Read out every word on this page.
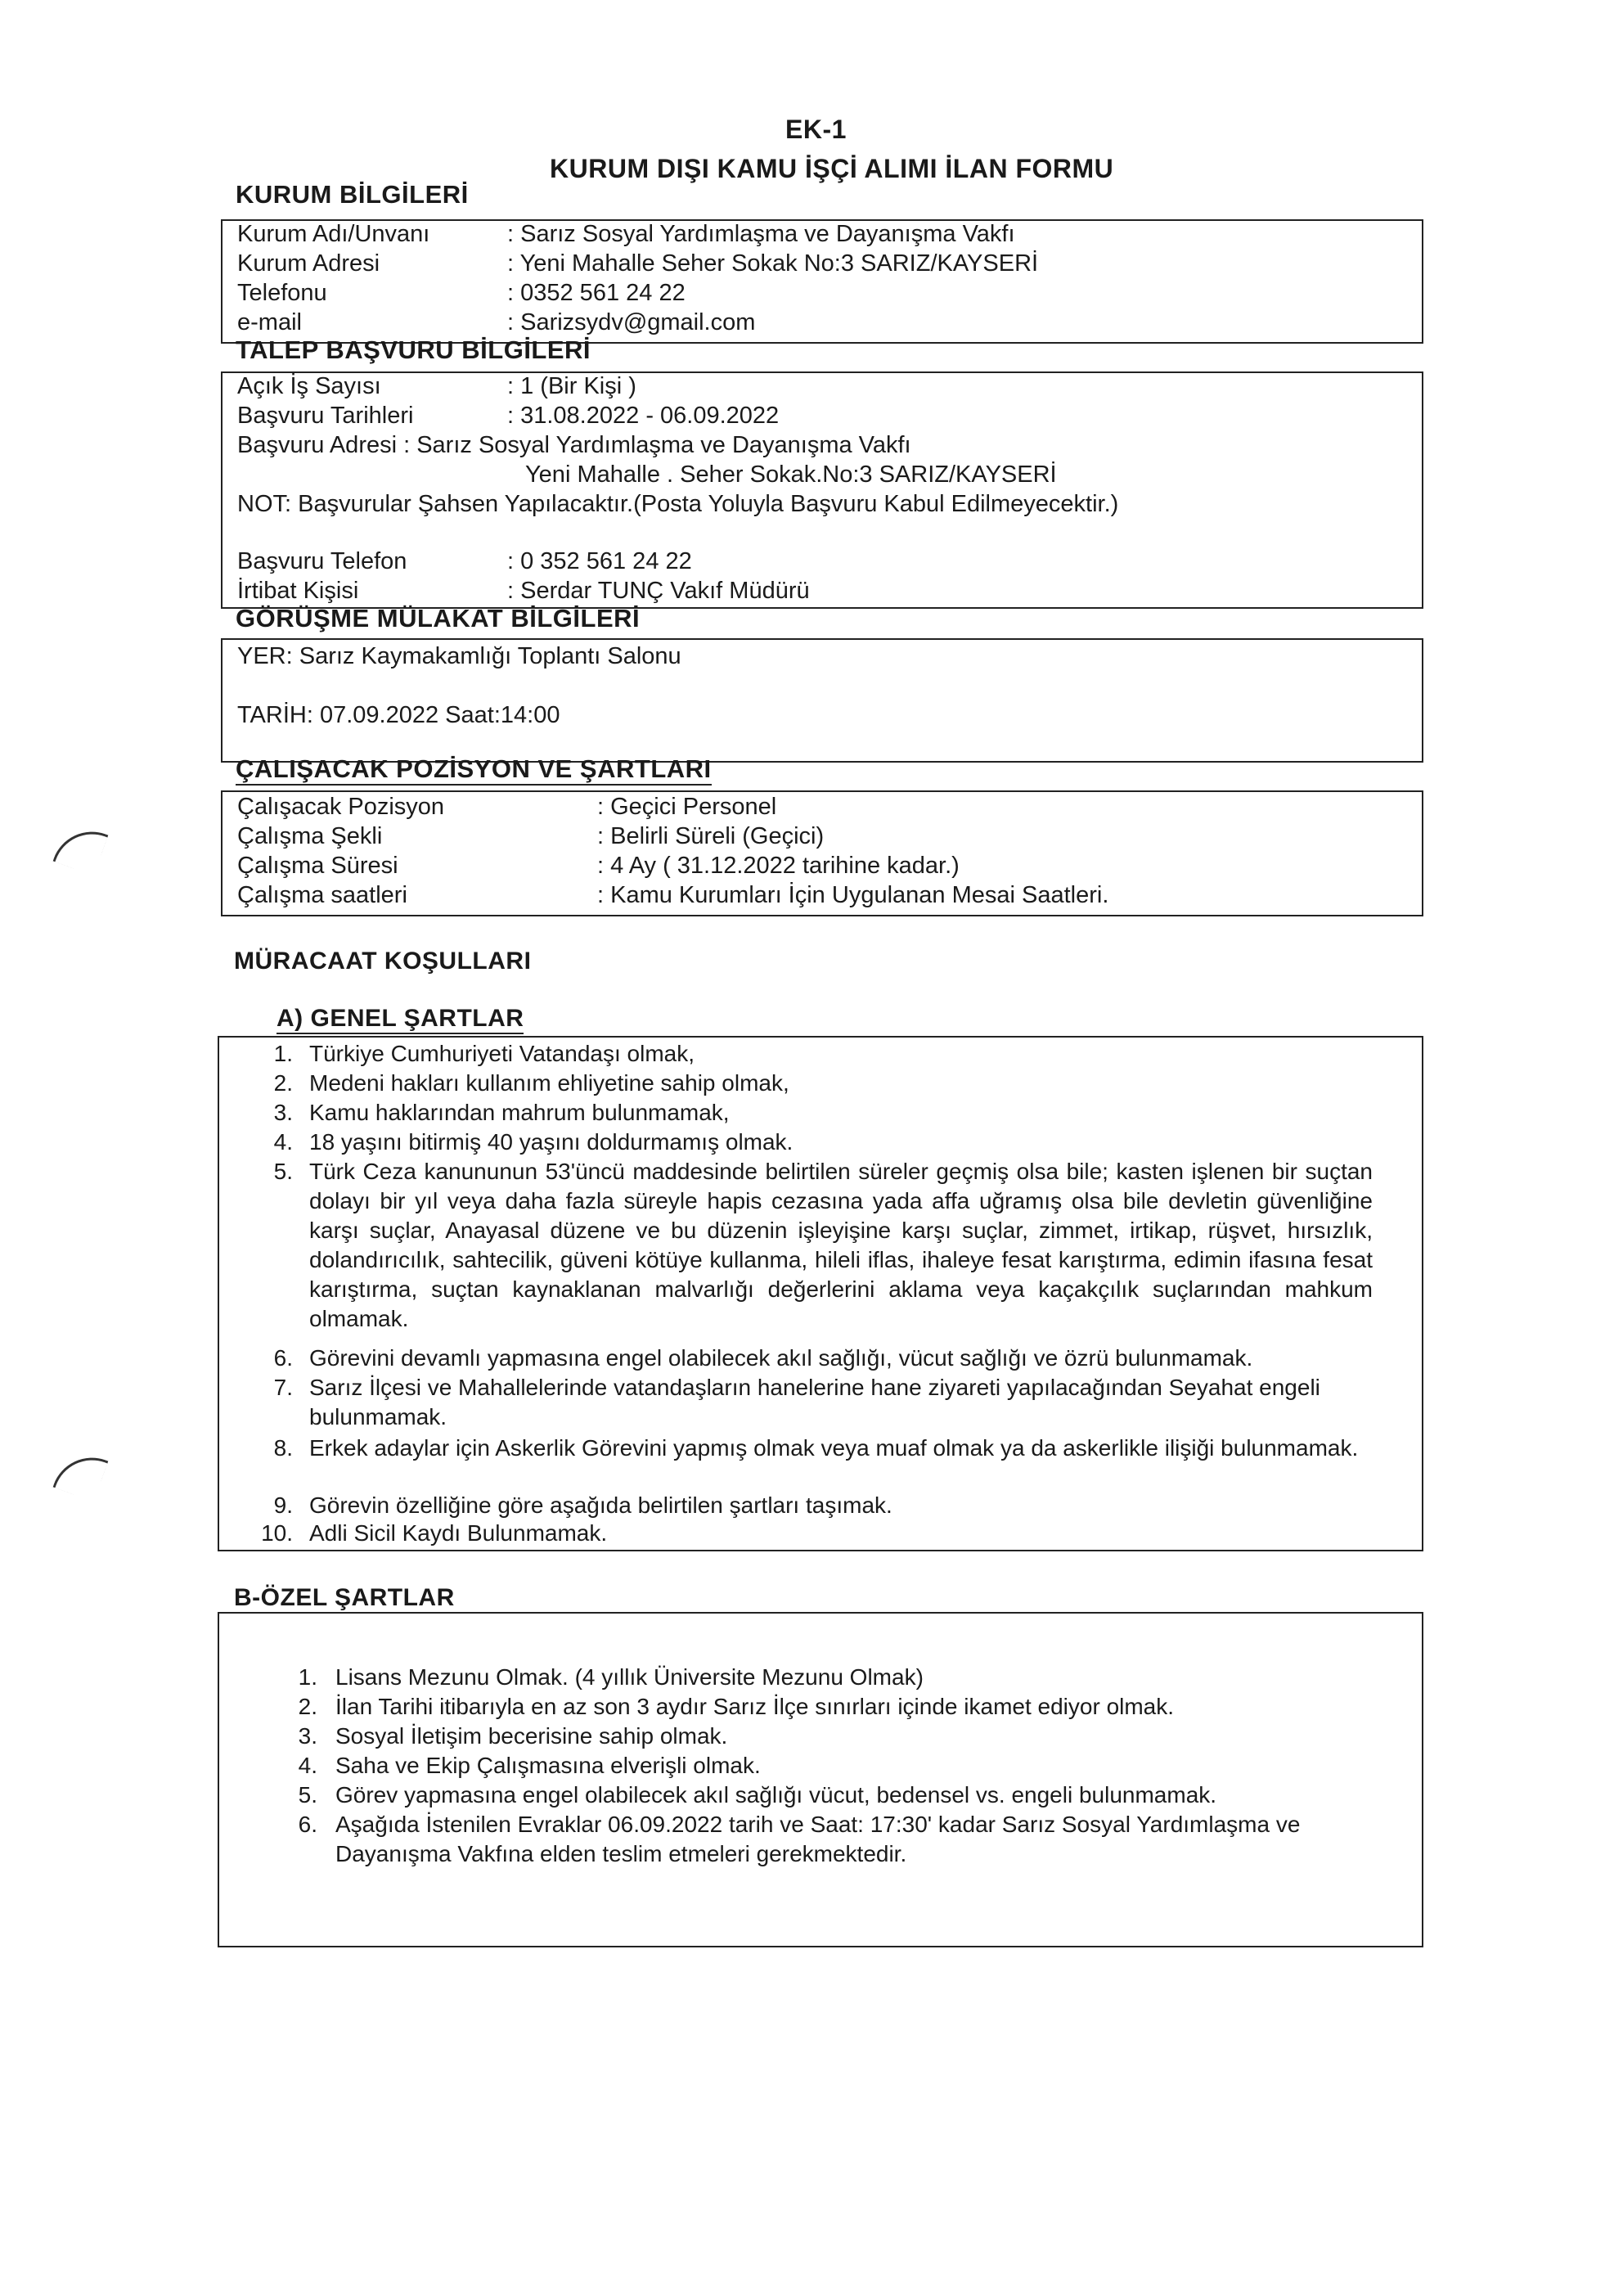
EK-1
KURUM DIŞI KAMU İŞÇİ ALIMI İLAN FORMU
KURUM BİLGİLERİ
Kurum Adı/Unvanı	: Sarız Sosyal Yardımlaşma ve Dayanışma Vakfı
Kurum Adresi	: Yeni Mahalle Seher Sokak No:3 SARIZ/KAYSERİ
Telefonu	: 0352 561 24 22
e-mail	: Sarizsydv@gmail.com
TALEP BAŞVURU BİLGİLERİ
Açık İş Sayısı	: 1 (Bir Kişi )
Başvuru Tarihleri	: 31.08.2022 - 06.09.2022
Başvuru Adresi : Sarız Sosyal Yardımlaşma ve Dayanışma Vakfı
Yeni Mahalle . Seher Sokak.No:3 SARIZ/KAYSERİ
NOT: Başvurular Şahsen Yapılacaktır.(Posta Yoluyla Başvuru Kabul Edilmeyecektir.)
Başvuru Telefon	: 0 352 561 24 22
İrtibat Kişisi	: Serdar TUNÇ Vakıf Müdürü
GÖRÜŞME MÜLAKAT BİLGİLERİ
YER: Sarız Kaymakamlığı Toplantı Salonu
TARİH: 07.09.2022 Saat:14:00
ÇALIŞACAK POZİSYON VE ŞARTLARI
Çalışacak Pozisyon	: Geçici Personel
Çalışma Şekli	: Belirli Süreli (Geçici)
Çalışma Süresi	: 4 Ay ( 31.12.2022 tarihine kadar.)
Çalışma saatleri	: Kamu Kurumları İçin Uygulanan Mesai Saatleri.
MÜRACAAT KOŞULLARI
A) GENEL ŞARTLAR
1. Türkiye Cumhuriyeti Vatandaşı olmak,
2. Medeni hakları kullanım ehliyetine sahip olmak,
3. Kamu haklarından mahrum bulunmamak,
4. 18 yaşını bitirmiş 40 yaşını doldurmamış olmak.
5. Türk Ceza kanununun 53'üncü maddesinde belirtilen süreler geçmiş olsa bile; kasten işlenen bir suçtan dolayı bir yıl veya daha fazla süreyle hapis cezasına yada affa uğramış olsa bile devletin güvenliğine karşı suçlar, Anayasal düzene ve bu düzenin işleyişine karşı suçlar, zimmet, irtikap, rüşvet, hırsızlık, dolandırıcılık, sahtecilik, güveni kötüye kullanma, hileli iflas, ihaleye fesat karıştırma, edimin ifasına fesat karıştırma, suçtan kaynaklanan malvarlığı değerlerini aklama veya kaçakçılık suçlarından mahkum olmamak.
6. Görevini devamlı yapmasına engel olabilecek akıl sağlığı, vücut sağlığı ve özrü bulunmamak.
7. Sarız İlçesi ve Mahallelerinde vatandaşların hanelerine hane ziyareti yapılacağından Seyahat engeli bulunmamak.
8. Erkek adaylar için Askerlik Görevini yapmış olmak veya muaf olmak ya da askerlikle ilişiği bulunmamak.
9. Görevin özelliğine göre aşağıda belirtilen şartları taşımak.
10. Adli Sicil Kaydı Bulunmamak.
B-ÖZEL ŞARTLAR
1. Lisans Mezunu Olmak. (4 yıllık Üniversite Mezunu Olmak)
2. İlan Tarihi itibarıyla en az son 3 aydır Sarız İlçe sınırları içinde ikamet ediyor olmak.
3. Sosyal İletişim becerisine sahip olmak.
4. Saha ve Ekip Çalışmasına elverişli olmak.
5. Görev yapmasına engel olabilecek akıl sağlığı vücut, bedensel vs. engeli bulunmamak.
6. Aşağıda İstenilen Evraklar 06.09.2022 tarih ve Saat: 17:30' kadar Sarız Sosyal Yardımlaşma ve Dayanışma Vakfına elden teslim etmeleri gerekmektedir.
